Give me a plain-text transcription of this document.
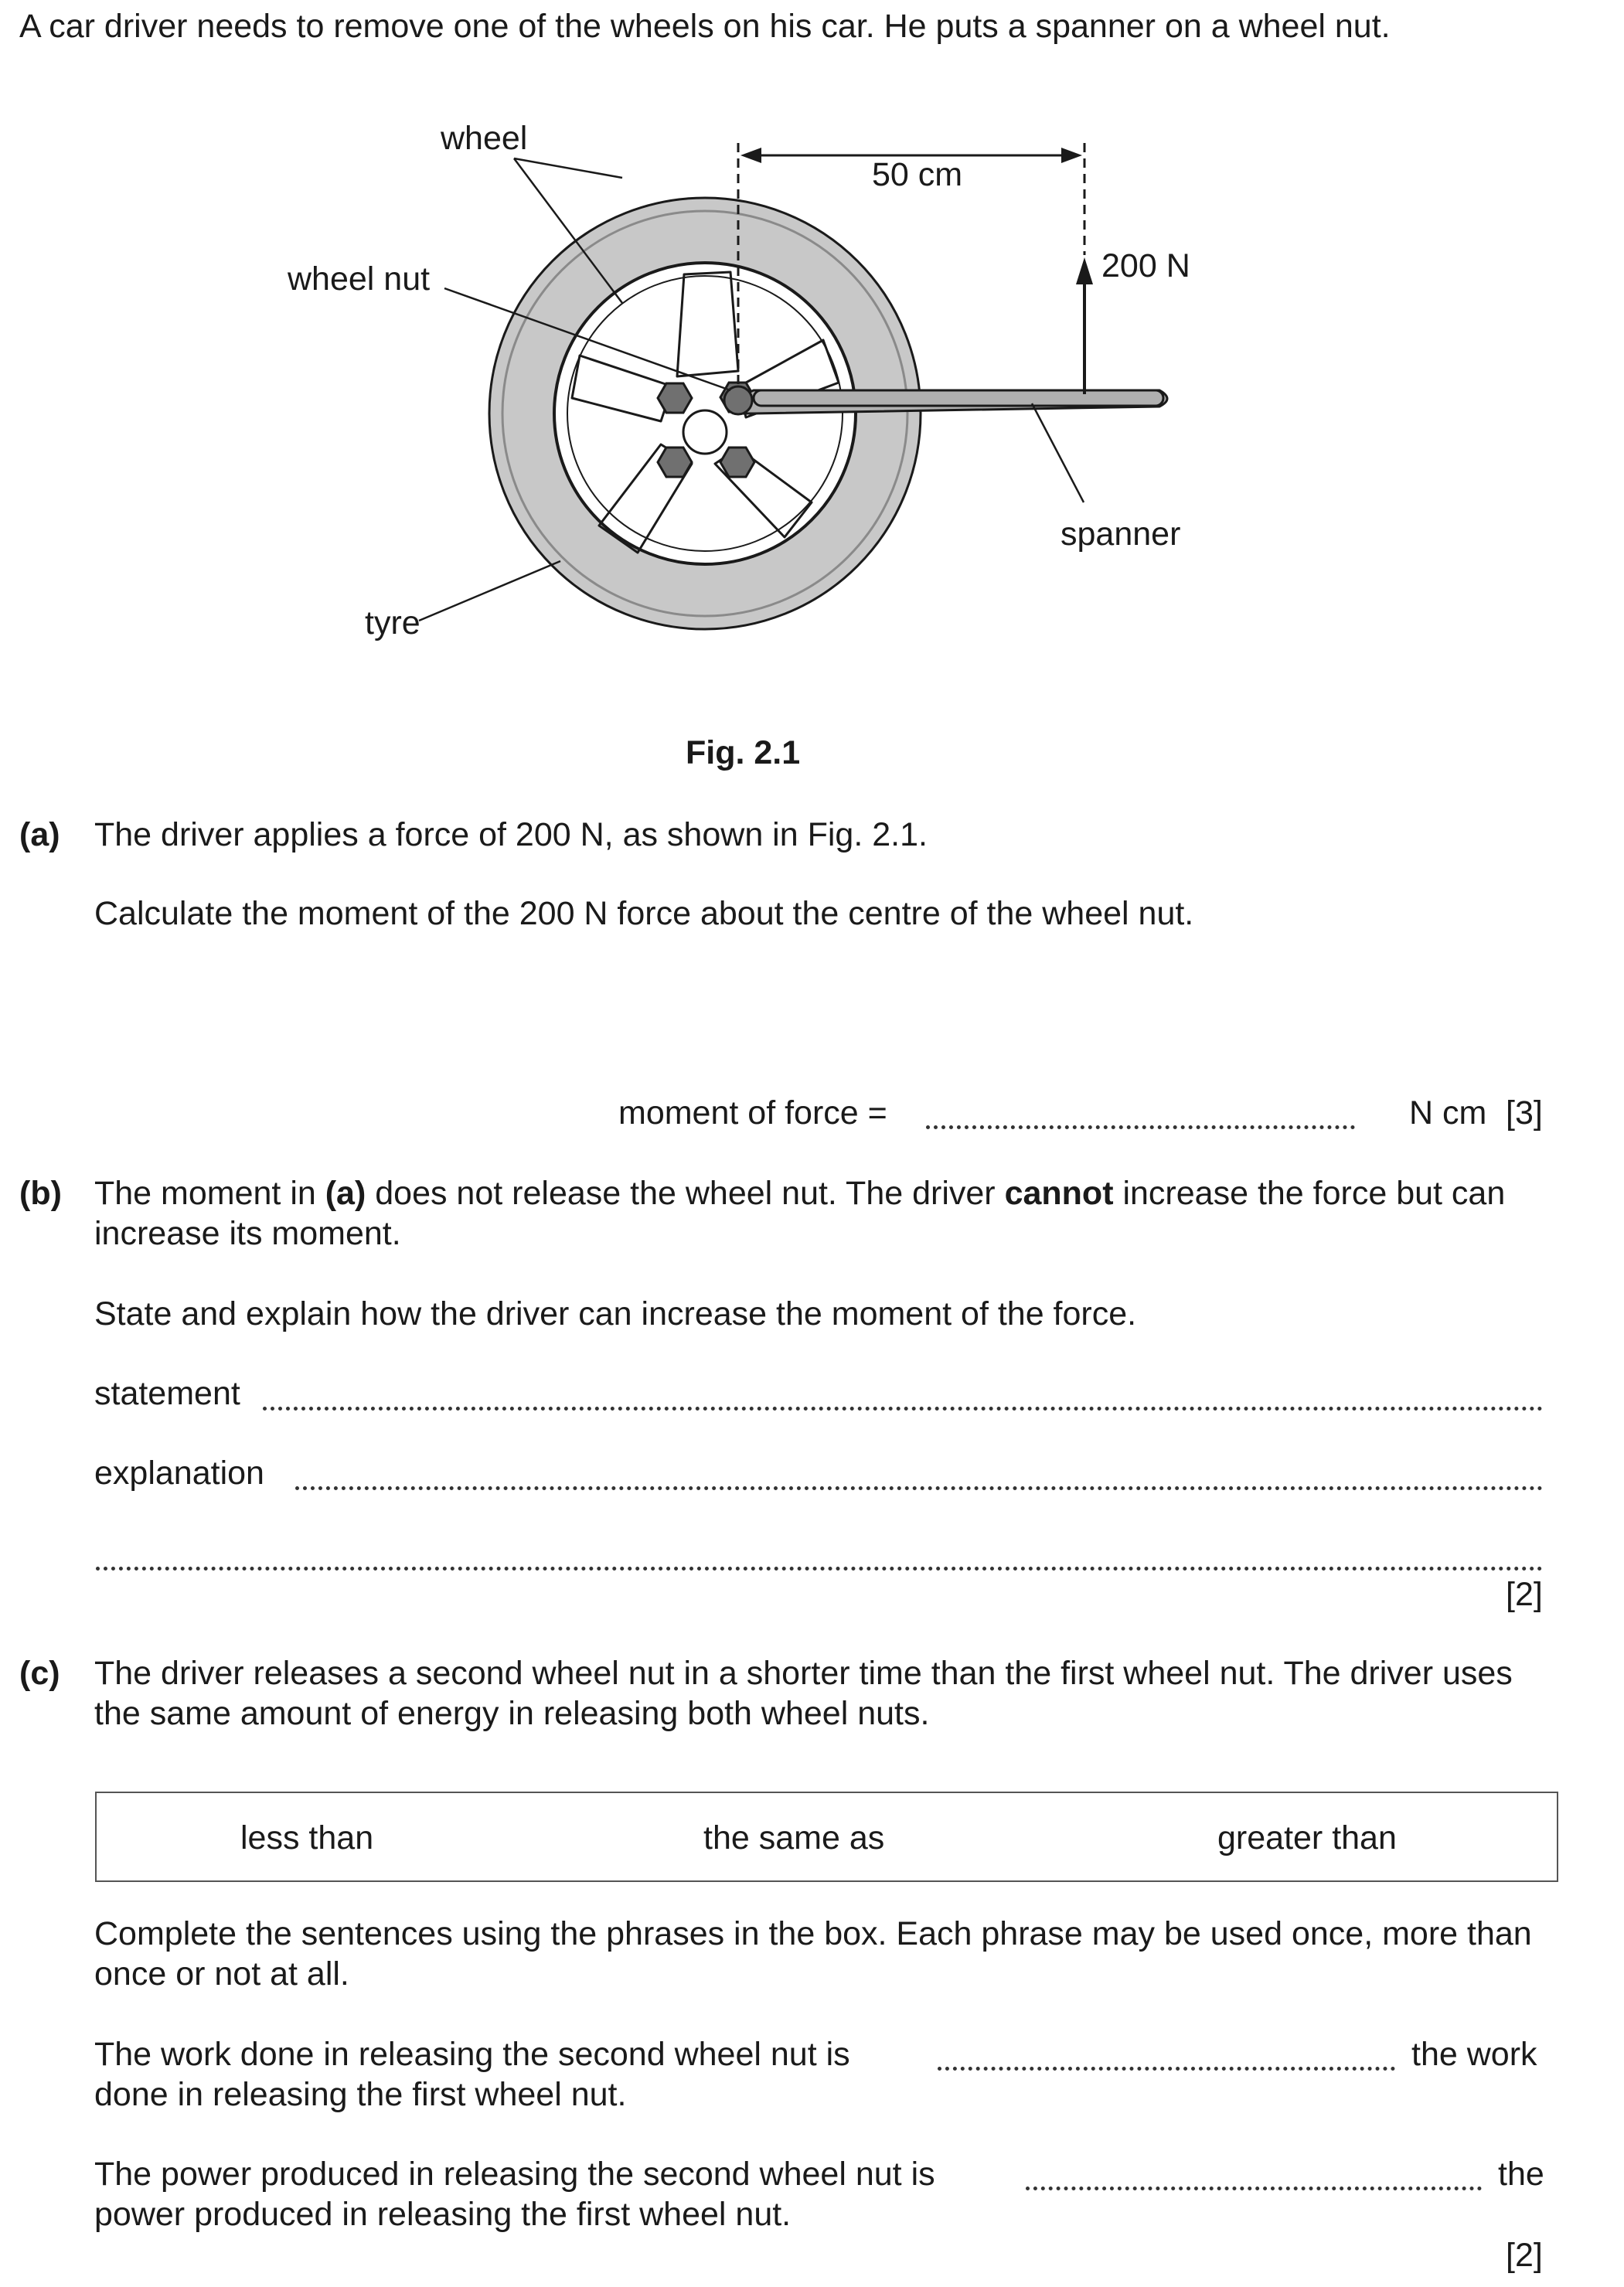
A car driver needs to remove one of the wheels on his car. He puts a spanner on a wheel nut.
wheel
wheel nut
tyre
spanner
50 cm
200 N
Fig. 2.1
(a) The driver applies a force of 200 N, as shown in Fig. 2.1.
Calculate the moment of the 200 N force about the centre of the wheel nut.
moment of force =	N cm [3]
(b) The moment in (a) does not release the wheel nut. The driver cannot increase the force but can increase its moment.
State and explain how the driver can increase the moment of the force.
statement
explanation
[2]
(c) The driver releases a second wheel nut in a shorter time than the first wheel nut. The driver uses the same amount of energy in releasing both wheel nuts.
less than	the same as	greater than
Complete the sentences using the phrases in the box. Each phrase may be used once, more than once or not at all.
The work done in releasing the second wheel nut is	the work
done in releasing the first wheel nut.
The power produced in releasing the second wheel nut is	the
power produced in releasing the first wheel nut.
[2]
